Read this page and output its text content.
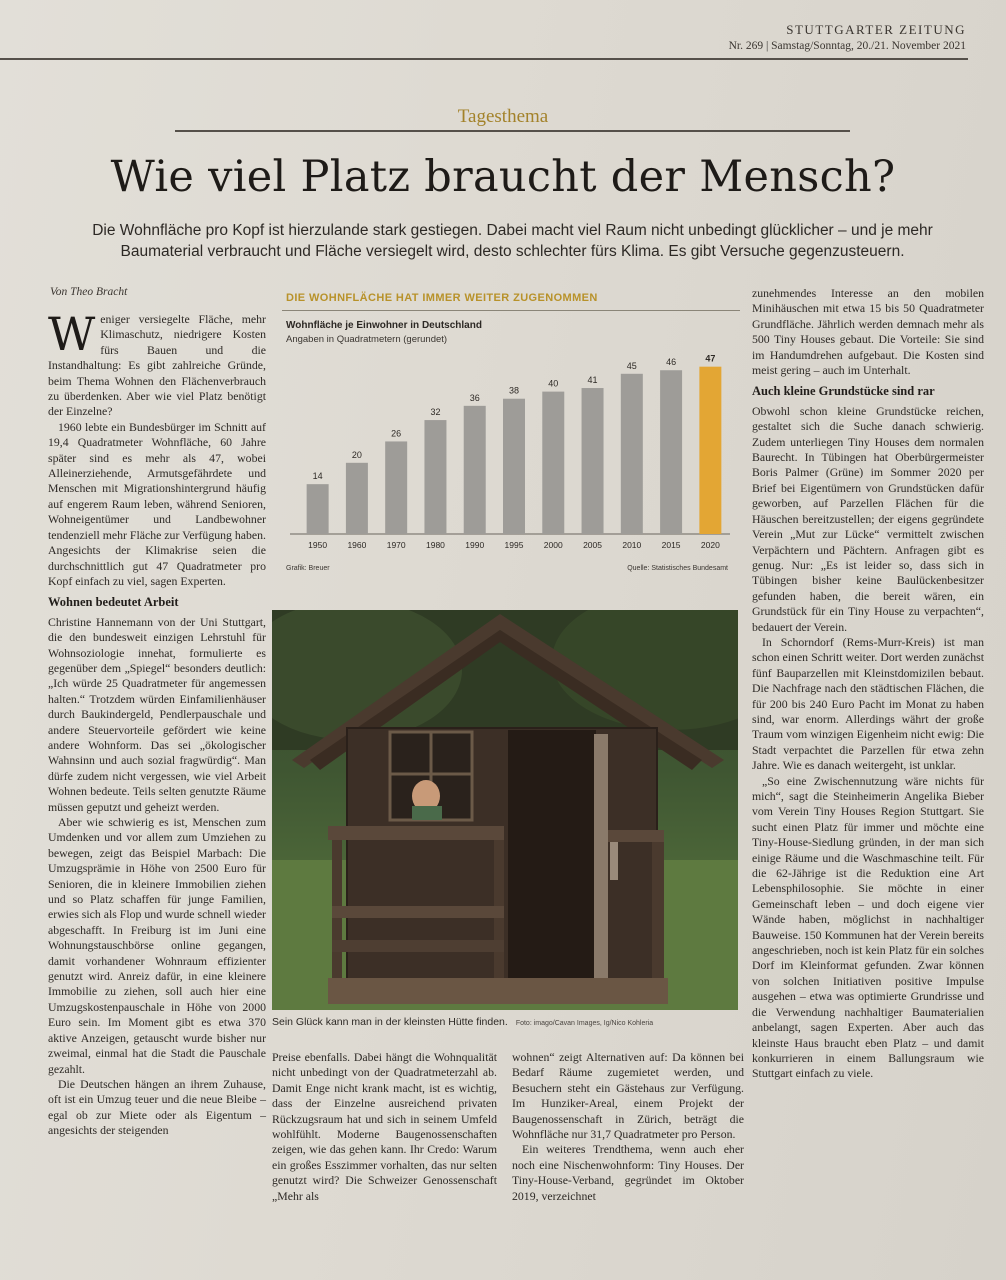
STUTTGARTER ZEITUNG
Nr. 269 | Samstag/Sonntag, 20./21. November 2021
Tagesthema
Wie viel Platz braucht der Mensch?
Die Wohnfläche pro Kopf ist hierzulande stark gestiegen. Dabei macht viel Raum nicht unbedingt glücklicher – und je mehr Baumaterial verbraucht und Fläche versiegelt wird, desto schlechter fürs Klima. Es gibt Versuche gegenzusteuern.
Von Theo Bracht

Weniger versiegelte Fläche, mehr Klimaschutz, niedrigere Kosten fürs Bauen und die Instandhaltung: Es gibt zahlreiche Gründe, beim Thema Wohnen den Flächenverbrauch zu überdenken. Aber wie viel Platz benötigt der Einzelne?

1960 lebte ein Bundesbürger im Schnitt auf 19,4 Quadratmeter Wohnfläche, 60 Jahre später sind es mehr als 47, wobei Alleinerziehende, Armutsgefährdete und Menschen mit Migrationshintergrund häufig auf engerem Raum leben, während Senioren, Wohneigentümer und Landbewohner tendenziell mehr Fläche zur Verfügung haben. Angesichts der Klimakrise seien die durchschnittlich gut 47 Quadratmeter pro Kopf einfach zu viel, sagen Experten.

Wohnen bedeutet Arbeit

Christine Hannemann von der Uni Stuttgart, die den bundesweit einzigen Lehrstuhl für Wohnsoziologie innehat, formulierte es gegenüber dem „Spiegel“ besonders deutlich: „Ich würde 25 Quadratmeter für angemessen halten.“ Trotzdem würden Einfamilienhäuser durch Baukindergeld, Pendlerpauschale und andere Steuervorteile gefördert wie keine andere Wohnform. Das sei „ökologischer Wahnsinn und auch sozial fragwürdig“. Man dürfe zudem nicht vergessen, wie viel Arbeit Wohnen bedeute. Teils selten genutzte Räume müssen geputzt und geheizt werden.

Aber wie schwierig es ist, Menschen zum Umdenken und vor allem zum Umziehen zu bewegen, zeigt das Beispiel Marbach: Die Umzugsprämie in Höhe von 2500 Euro für Senioren, die in kleinere Immobilien ziehen und so Platz schaffen für junge Familien, erwies sich als Flop und wurde schnell wieder abgeschafft. In Freiburg ist im Juni eine Wohnungstauschbörse online gegangen, damit vorhandener Wohnraum effizienter genutzt wird. Anreiz dafür, in eine kleinere Immobilie zu ziehen, soll auch hier eine Umzugskostenpauschale in Höhe von 2000 Euro sein. Im Moment gibt es etwa 370 aktive Anzeigen, getauscht wurde bisher nur zweimal, einmal hat die Stadt die Pauschale gezahlt.

Die Deutschen hängen an ihrem Zuhause, oft ist ein Umzug teuer und die neue Bleibe – egal ob zur Miete oder als Eigentum – angesichts der steigenden

DIE WOHNFLÄCHE HAT IMMER WEITER ZUGENOMMEN
Wohnfläche je Einwohner in Deutschland
Angaben in Quadratmetern (gerundet)
14
1950
20
1960
26
1970
32
1980
36
1990
38
1995
40
2000
41
2005
45
2010
46
2015
47
2020
Grafik: Breuer	Quelle: Statistisches Bundesamt
Sein Glück kann man in der kleinsten Hütte finden. Foto: imago/Cavan Images, Ig/Nico Kohleria

Preise ebenfalls. Dabei hängt die Wohnqualität nicht unbedingt von der Quadratmeterzahl ab. Damit Enge nicht krank macht, ist es wichtig, dass der Einzelne ausreichend privaten Rückzugsraum hat und sich in seinem Umfeld wohlfühlt. Moderne Baugenossenschaften zeigen, wie das gehen kann. Ihr Credo: Warum ein großes Esszimmer vorhalten, das nur selten genutzt wird? Die Schweizer Genossenschaft „Mehr als

wohnen“ zeigt Alternativen auf: Da können bei Bedarf Räume zugemietet werden, und Besuchern steht ein Gästehaus zur Verfügung. Im Hunziker-Areal, einem Projekt der Baugenossenschaft in Zürich, beträgt die Wohnfläche nur 31,7 Quadratmeter pro Person.

Ein weiteres Trendthema, wenn auch eher noch eine Nischenwohnform: Tiny Houses. Der Tiny-House-Verband, gegründet im Oktober 2019, verzeichnet

zunehmendes Interesse an den mobilen Minihäuschen mit etwa 15 bis 50 Quadratmeter Grundfläche. Jährlich werden demnach mehr als 500 Tiny Houses gebaut. Die Vorteile: Sie sind im Handumdrehen aufgebaut. Die Kosten sind meist gering – auch im Unterhalt.

Auch kleine Grundstücke sind rar

Obwohl schon kleine Grundstücke reichen, gestaltet sich die Suche danach schwierig. Zudem unterliegen Tiny Houses dem normalen Baurecht. In Tübingen hat Oberbürgermeister Boris Palmer (Grüne) im Sommer 2020 per Brief bei Eigentümern von Grundstücken dafür geworben, auf Parzellen Flächen für die Häuschen bereitzustellen; der eigens gegründete Verein „Mut zur Lücke“ vermittelt zwischen Verpächtern und Pächtern. Anfragen gibt es genug. Nur: „Es ist leider so, dass sich in Tübingen bisher keine Baulückenbesitzer gefunden haben, die bereit wären, ein Grundstück für ein Tiny House zu verpachten“, bedauert der Verein.

In Schorndorf (Rems-Murr-Kreis) ist man schon einen Schritt weiter. Dort werden zunächst fünf Bauparzellen mit Kleinstdomizilen bebaut. Die Nachfrage nach den städtischen Flächen, die für 200 bis 240 Euro Pacht im Monat zu haben sind, war enorm. Allerdings währt der große Traum vom winzigen Eigenheim nicht ewig: Die Stadt verpachtet die Parzellen für etwa zehn Jahre. Wie es danach weitergeht, ist unklar.

„So eine Zwischennutzung wäre nichts für mich“, sagt die Steinheimerin Angelika Bieber vom Verein Tiny Houses Region Stuttgart. Sie sucht einen Platz für immer und möchte eine Tiny-House-Siedlung gründen, in der man sich einige Räume und die Waschmaschine teilt. Für die 62-Jährige ist die Reduktion eine Art Lebensphilosophie. Sie möchte in einer Gemeinschaft leben – und doch eigene vier Wände haben, möglichst in nachhaltiger Bauweise. 150 Kommunen hat der Verein bereits angeschrieben, noch ist kein Platz für ein solches Dorf im Kleinformat gefunden. Zwar können von solchen Initiativen positive Impulse ausgehen – etwa was optimierte Grundrisse und die Verwendung nachhaltiger Baumaterialien anbelangt, sagen Experten. Aber auch das kleinste Haus braucht eben Platz – und damit konkurrieren in einem Ballungsraum wie Stuttgart einfach zu viele.
